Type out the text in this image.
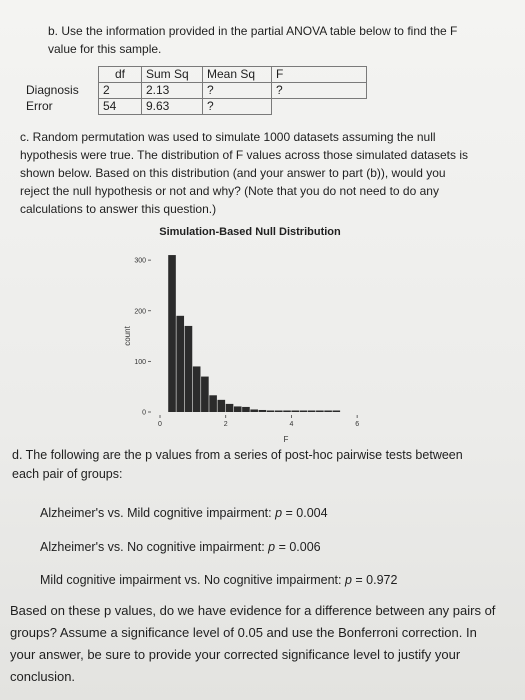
b. Use the information provided in the partial ANOVA table below to find the F
value for this sample.

	df	Sum Sq	Mean Sq	F
Diagnosis	2	2.13	?	?
Error	54	9.63	?	

c. Random permutation was used to simulate 1000 datasets assuming the null
hypothesis were true. The distribution of F values across those simulated datasets is
shown below. Based on this distribution (and your answer to part (b)), would you
reject the null hypothesis or not and why? (Note that you do not need to do any
calculations to answer this question.)

Simulation-Based Null Distribution
0
100
200
300
0	2	4	6
count
F

d. The following are the p values from a series of post-hoc pairwise tests between
each pair of groups:

Alzheimer's vs. Mild cognitive impairment: p = 0.004
Alzheimer's vs. No cognitive impairment: p = 0.006
Mild cognitive impairment vs. No cognitive impairment: p = 0.972

Based on these p values, do we have evidence for a difference between any pairs of
groups? Assume a significance level of 0.05 and use the Bonferroni correction. In
your answer, be sure to provide your corrected significance level to justify your
conclusion.
